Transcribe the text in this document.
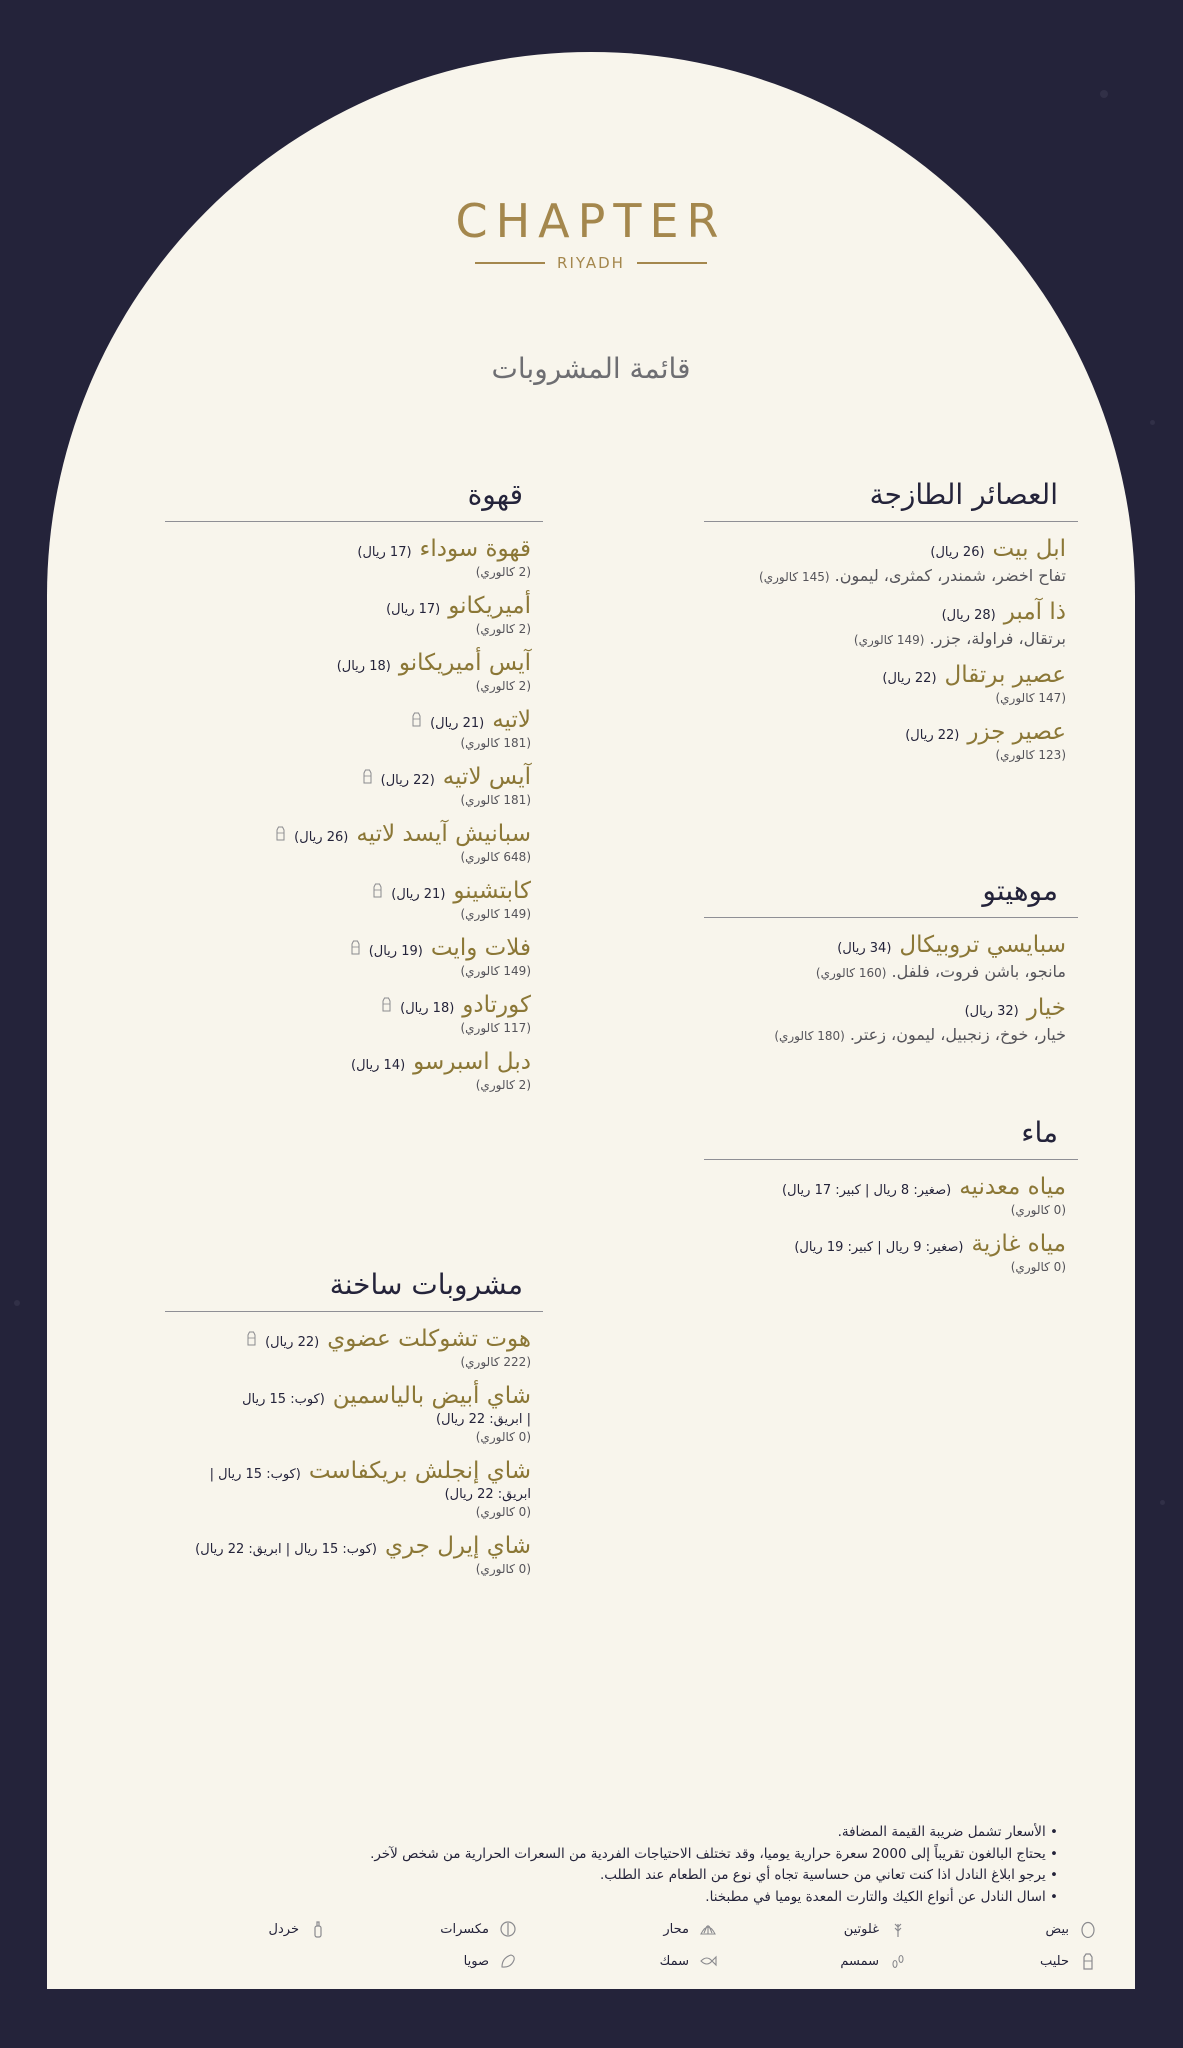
CHAPTER
RIYADH
قائمة المشروبات
العصائر الطازجة
ابل بيت
(26 ريال)
تفاح اخضر، شمندر، كمثرى، ليمون. (145 كالوري)
ذا آمبر
(28 ريال)
برتقال، فراولة، جزر. (149 كالوري)
عصير برتقال
(22 ريال)
(147 كالوري)
عصير جزر
(22 ريال)
(123 كالوري)
موهيتو
سبايسي تروبيكال
(34 ريال)
مانجو، باشن فروت، فلفل. (160 كالوري)
خيار
(32 ريال)
خيار، خوخ، زنجبيل، ليمون، زعتر. (180 كالوري)
ماء
مياه معدنيه
(صغير: 8 ريال | كبير: 17 ريال)
(0 كالوري)
مياه غازية
(صغير: 9 ريال | كبير: 19 ريال)
(0 كالوري)
قهوة
قهوة سوداء
(17 ريال)
(2 كالوري)
أميريكانو
(17 ريال)
(2 كالوري)
آيس أميريكانو
(18 ريال)
(2 كالوري)
لاتيه
(21 ريال)
(181 كالوري)
آيس لاتيه
(22 ريال)
(181 كالوري)
سبانيش آيسد لاتيه
(26 ريال)
(648 كالوري)
كابتشينو
(21 ريال)
(149 كالوري)
فلات وايت
(19 ريال)
(149 كالوري)
كورتادو
(18 ريال)
(117 كالوري)
دبل اسبرسو
(14 ريال)
(2 كالوري)
مشروبات ساخنة
هوت تشوكلت عضوي
(22 ريال)
(222 كالوري)
شاي أبيض بالياسمين
(كوب: 15 ريال
| ابريق: 22 ريال)
(0 كالوري)
شاي إنجلش بريكفاست
(كوب: 15 ريال |
ابريق: 22 ريال)
(0 كالوري)
شاي إيرل جري
(كوب: 15 ريال | ابريق: 22 ريال)
(0 كالوري)
• الأسعار تشمل ضريبة القيمة المضافة.
• يحتاج البالغون تقريباً إلى 2000 سعرة حرارية يوميا، وقد تختلف الاحتياجات الفردية من السعرات الحرارية من شخص لآخر.
• يرجو ابلاغ النادل اذا كنت تعاني من حساسية تجاه أي نوع من الطعام عند الطلب.
• اسال النادل عن أنواع الكيك والتارت المعدة يوميا في مطبخنا.
بيض
غلوتين
محار
مكسرات
خردل
حليب
سمسم
سمك
صويا
